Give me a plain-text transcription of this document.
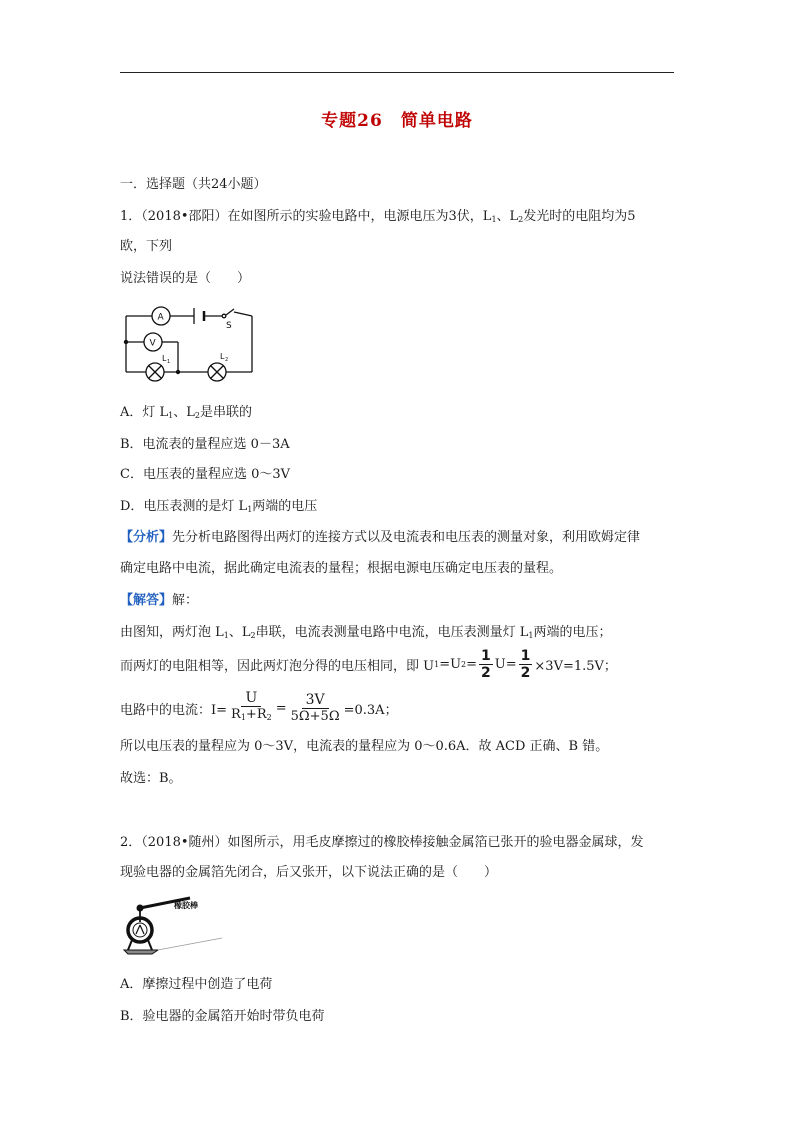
专题26　简单电路
一．选择题（共24小题）
1．（2018•邵阳）在如图所示的实验电路中，电源电压为3伏，$L_1$、$L_2$发光时的电阻均为5
欧，下列
说法错误的是（　　）
A
V
S
L 1
L 2
A．灯 $L_1$、$L_2$是串联的
B．电流表的量程应选 0－3A
C．电压表的量程应选 0～3V
D．电压表测的是灯 $L_1$两端的电压
【分析】先分析电路图得出两灯的连接方式以及电流表和电压表的测量对象，利用欧姆定律
确定电路中电流，据此确定电流表的量程；根据电源电压确定电压表的量程。
【解答】解：
由图知，两灯泡 $L_1$、$L_2$串联，电流表测量电路中电流，电压表测量灯 $L_1$两端的电压；
而两灯的电阻相等，因此两灯泡分得的电压相同，即 U 1 =U $2 = \frac{1}{2} U= \frac{1}{2} \times 3V=1.5V$；
电路中的电流：$I= \frac{U}{R_1+R_2} = \frac{3V}{5\Omega+5\Omega} =0.3A$；
所以电压表的量程应为 0～3V，电流表的量程应为 0～0.6A．故 ACD 正确、B 错。
故选：B。
2．（2018•随州）如图所示，用毛皮摩擦过的橡胶棒接触金属箔已张开的验电器金属球，发
现验电器的金属箔先闭合，后又张开，以下说法正确的是（　　）
橡胶棒
A．摩擦过程中创造了电荷
B．验电器的金属箔开始时带负电荷
